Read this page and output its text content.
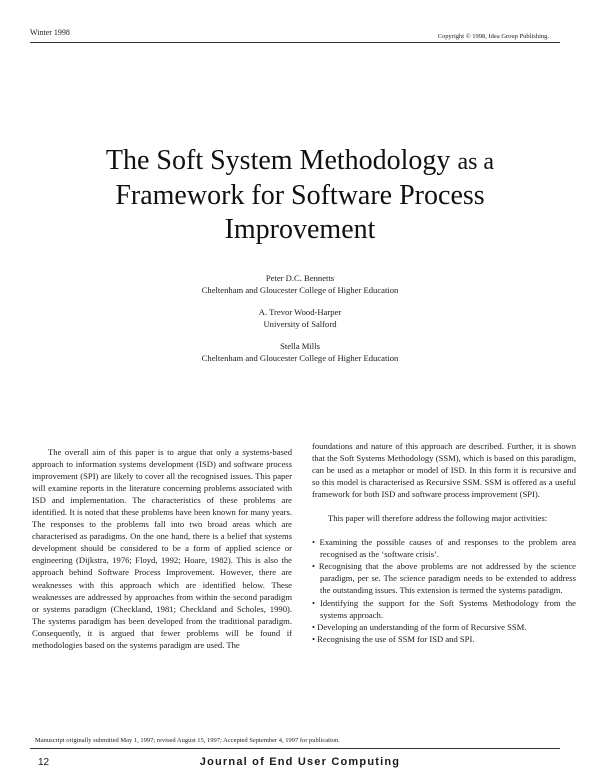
Winter 1998	Copyright © 1998, Idea Group Publishing.
The Soft System Methodology as a
Framework for Software Process
Improvement
Peter D.C. Bennetts
Cheltenham and Gloucester College of Higher Education
A. Trevor Wood-Harper
University of Salford
Stella Mills
Cheltenham and Gloucester College of Higher Education

The overall aim of this paper is to argue that only a systems-based approach to information systems development (ISD) and software process improvement (SPI) are likely to cover all the recognised issues. This paper will examine reports in the literature concerning problems associated with ISD and implementation. The characteristics of these problems are identified. It is noted that these problems have been known for many years. The responses to the problems fall into two broad areas which are characterised as paradigms. On the one hand, there is a belief that systems development should be considered to be a form of applied science or engineering (Dijkstra, 1976; Floyd, 1992; Hoare, 1982). This is also the approach behind Software Process Improvement. However, there are weaknesses with this approach which are identified below. These weaknesses are addressed by approaches from within the second paradigm or systems paradigm (Checkland, 1981; Checkland and Scholes, 1990). The systems paradigm has been developed from the traditional paradigm. Consequently, it is argued that fewer problems will be found if methodologies based on the systems paradigm are used. The

foundations and nature of this approach are described. Further, it is shown that the Soft Systems Methodology (SSM), which is based on this paradigm, can be used as a metaphor or model of ISD. In this form it is recursive and so this model is characterised as Recursive SSM. SSM is offered as a useful framework for both ISD and software process improvement (SPI).

This paper will therefore address the following major activities:

• Examining the possible causes of and responses to the problem area recognised as the ‘software crisis’.
• Recognising that the above problems are not addressed by the science paradigm, per se. The science paradigm needs to be extended to address the outstanding issues. This extension is termed the systems paradigm.
• Identifying the support for the Soft Systems Methodology from the systems approach.
• Developing an understanding of the form of Recursive SSM.
• Recognising the use of SSM for ISD and SPI.
Manuscript originally submitted May 1, 1997; revised August 15, 1997; Accepted September 4, 1997 for publication.
12	Journal of End User Computing
